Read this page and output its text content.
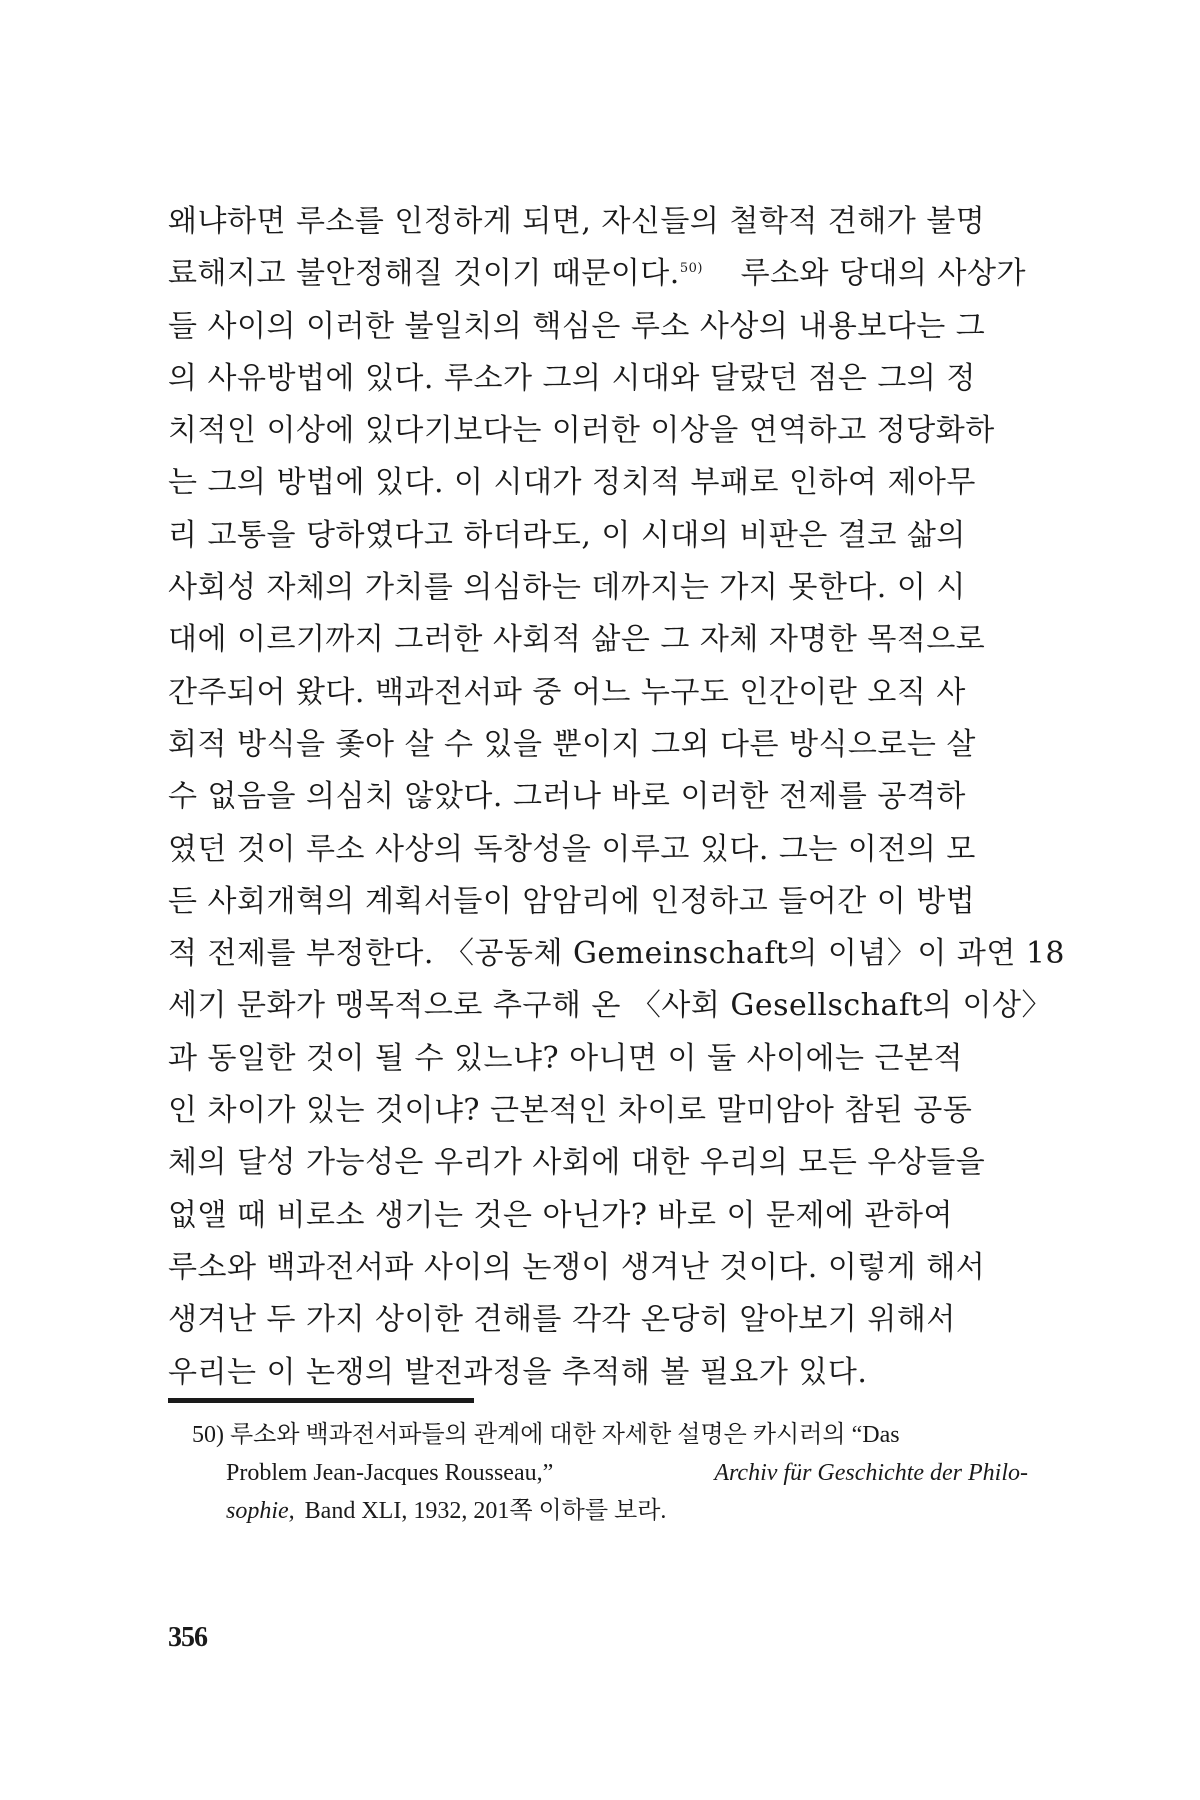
왜냐하면 루소를 인정하게 되면, 자신들의 철학적 견해가 불명
료해지고 불안정해질 것이기 때문이다.$^{50)}$ 루소와 당대의 사상가
들 사이의 이러한 불일치의 핵심은 루소 사상의 내용보다는 그
의 사유방법에 있다. 루소가 그의 시대와 달랐던 점은 그의 정
치적인 이상에 있다기보다는 이러한 이상을 연역하고 정당화하
는 그의 방법에 있다. 이 시대가 정치적 부패로 인하여 제아무
리 고통을 당하였다고 하더라도, 이 시대의 비판은 결코 삶의
사회성 자체의 가치를 의심하는 데까지는 가지 못한다. 이 시
대에 이르기까지 그러한 사회적 삶은 그 자체 자명한 목적으로
간주되어 왔다. 백과전서파 중 어느 누구도 인간이란 오직 사
회적 방식을 좇아 살 수 있을 뿐이지 그외 다른 방식으로는 살
수 없음을 의심치 않았다. 그러나 바로 이러한 전제를 공격하
였던 것이 루소 사상의 독창성을 이루고 있다. 그는 이전의 모
든 사회개혁의 계획서들이 암암리에 인정하고 들어간 이 방법
적 전제를 부정한다. 〈공동체 Gemeinschaft의 이념〉이 과연 18
세기 문화가 맹목적으로 추구해 온 〈사회 Gesellschaft의 이상〉
과 동일한 것이 될 수 있느냐? 아니면 이 둘 사이에는 근본적
인 차이가 있는 것이냐? 근본적인 차이로 말미암아 참된 공동
체의 달성 가능성은 우리가 사회에 대한 우리의 모든 우상들을
없앨 때 비로소 생기는 것은 아닌가? 바로 이 문제에 관하여
루소와 백과전서파 사이의 논쟁이 생겨난 것이다. 이렇게 해서
생겨난 두 가지 상이한 견해를 각각 온당히 알아보기 위해서
우리는 이 논쟁의 발전과정을 추적해 볼 필요가 있다.
50) 루소와 백과전서파들의 관계에 대한 자세한 설명은 카시러의 “Das
Problem Jean-Jacques Rousseau,”	Archiv für Geschichte der Philo-
sophie, Band XLI, 1932, 201쪽 이하를 보라.
356
